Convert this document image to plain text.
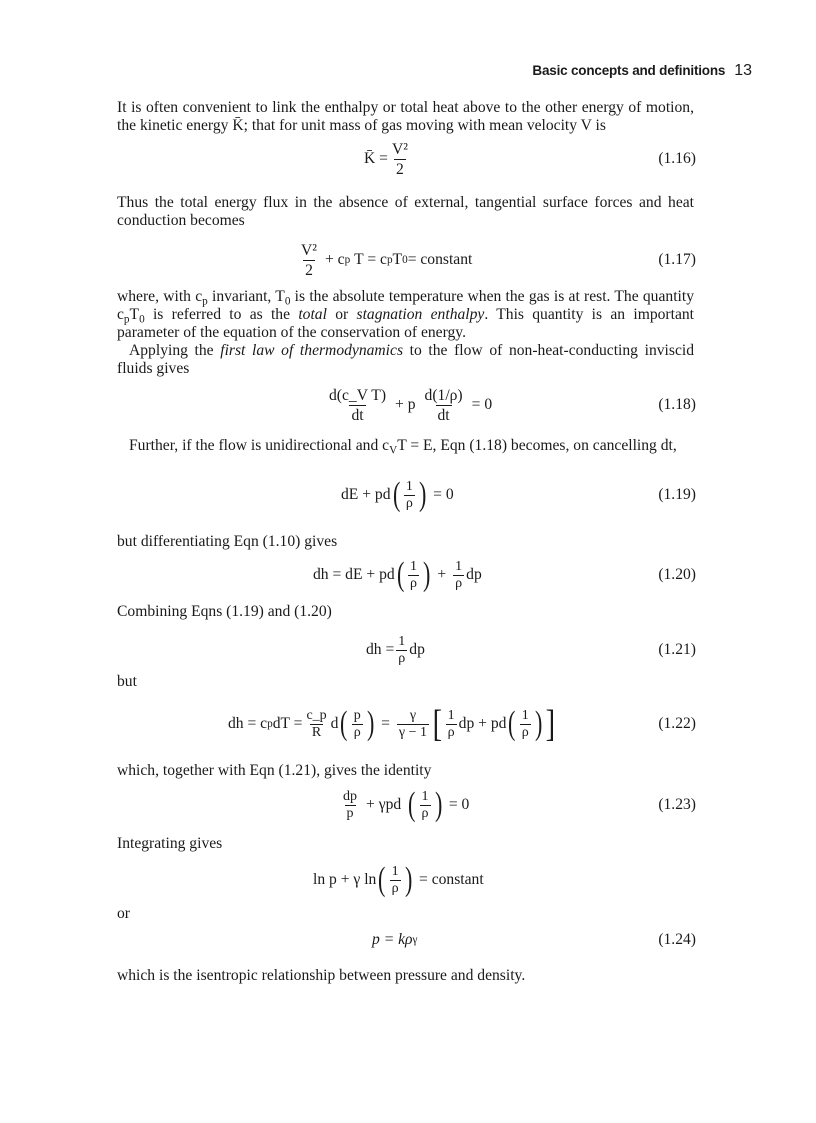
Basic concepts and definitions 13
It is often convenient to link the enthalpy or total heat above to the other energy of motion, the kinetic energy K̄; that for unit mass of gas moving with mean velocity V is
K̄ = $\frac{\text{V²}}{2}$	(1.16)
Thus the total energy flux in the absence of external, tangential surface forces and heat conduction becomes
$\frac{\text{V²}}{2} + c$ p T = c p T 0 = constant	(1.17)
where, with $c_p$ invariant, $T_0$ is the absolute temperature when the gas is at rest. The quantity $c_pT_0$ is referred to as the total or stagnation enthalpy. This quantity is an important parameter of the equation of the conservation of energy.
Applying the first law of thermodynamics to the flow of non-heat-conducting inviscid fluids gives
$\frac{\text{d(c\_V T)}}{dt} + p \frac{d(1/\rho)}{dt} = 0$	(1.18)
Further, if the flow is unidirectional and $c_VT = E$, Eqn (1.18) becomes, on cancelling dt,
dE + pd ( $\frac{1}{\rho}$ ) = 0	(1.19)
but differentiating Eqn (1.10) gives
dh = dE + pd ( $\frac{1}{\rho}$ ) + $\frac{1}{\rho}$ dp	(1.20)
Combining Eqns (1.19) and (1.20)
dh = $\frac{1}{\rho}$ dp	(1.21)
but
dh = c p dT = $\frac{c\_p}{R}$ d ( $\frac{p}{\rho}$ ) = $\frac{\gamma}{\gamma - 1}$ [ $\frac{1}{\rho}$ dp + pd ( $\frac{1}{\rho}$ ) ]	(1.22)
which, together with Eqn (1.21), gives the identity
$\frac{dp}{p} + \gamma pd$ ( $\frac{1}{\rho}$ ) = 0	(1.23)
Integrating gives
ln p + γ ln ( $\frac{1}{\rho}$ ) = constant
or
p = kρ γ	(1.24)
which is the isentropic relationship between pressure and density.
